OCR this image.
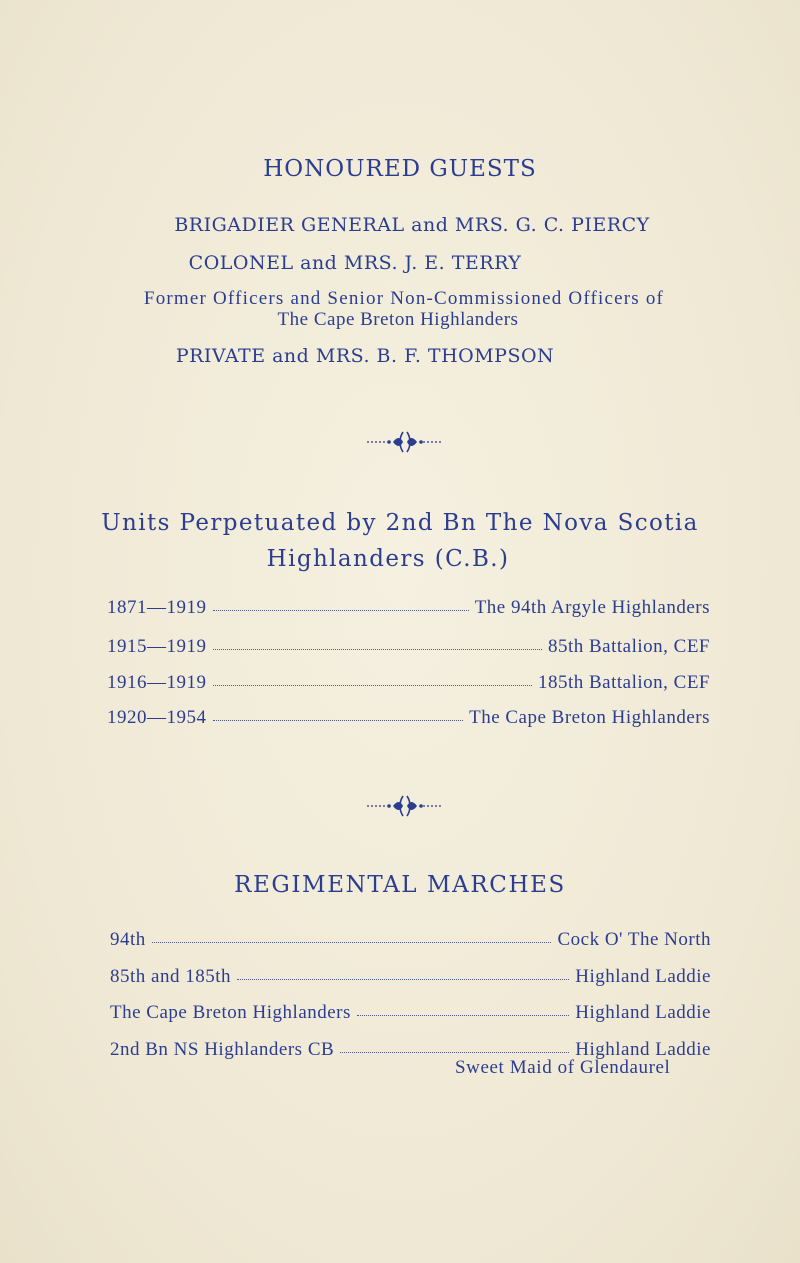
HONOURED GUESTS
BRIGADIER GENERAL and MRS. G. C. PIERCY
COLONEL and MRS. J. E. TERRY
Former Officers and Senior Non-Commissioned Officers of
The Cape Breton Highlanders
PRIVATE and MRS. B. F. THOMPSON
Units Perpetuated by 2nd Bn The Nova Scotia
Highlanders (C.B.)
1871—1919	The 94th Argyle Highlanders
1915—1919	85th Battalion, CEF
1916—1919	185th Battalion, CEF
1920—1954	The Cape Breton Highlanders
REGIMENTAL MARCHES
94th	Cock O' The North
85th and 185th	Highland Laddie
The Cape Breton Highlanders	Highland Laddie
2nd Bn NS Highlanders CB	Highland Laddie
Sweet Maid of Glendaurel
